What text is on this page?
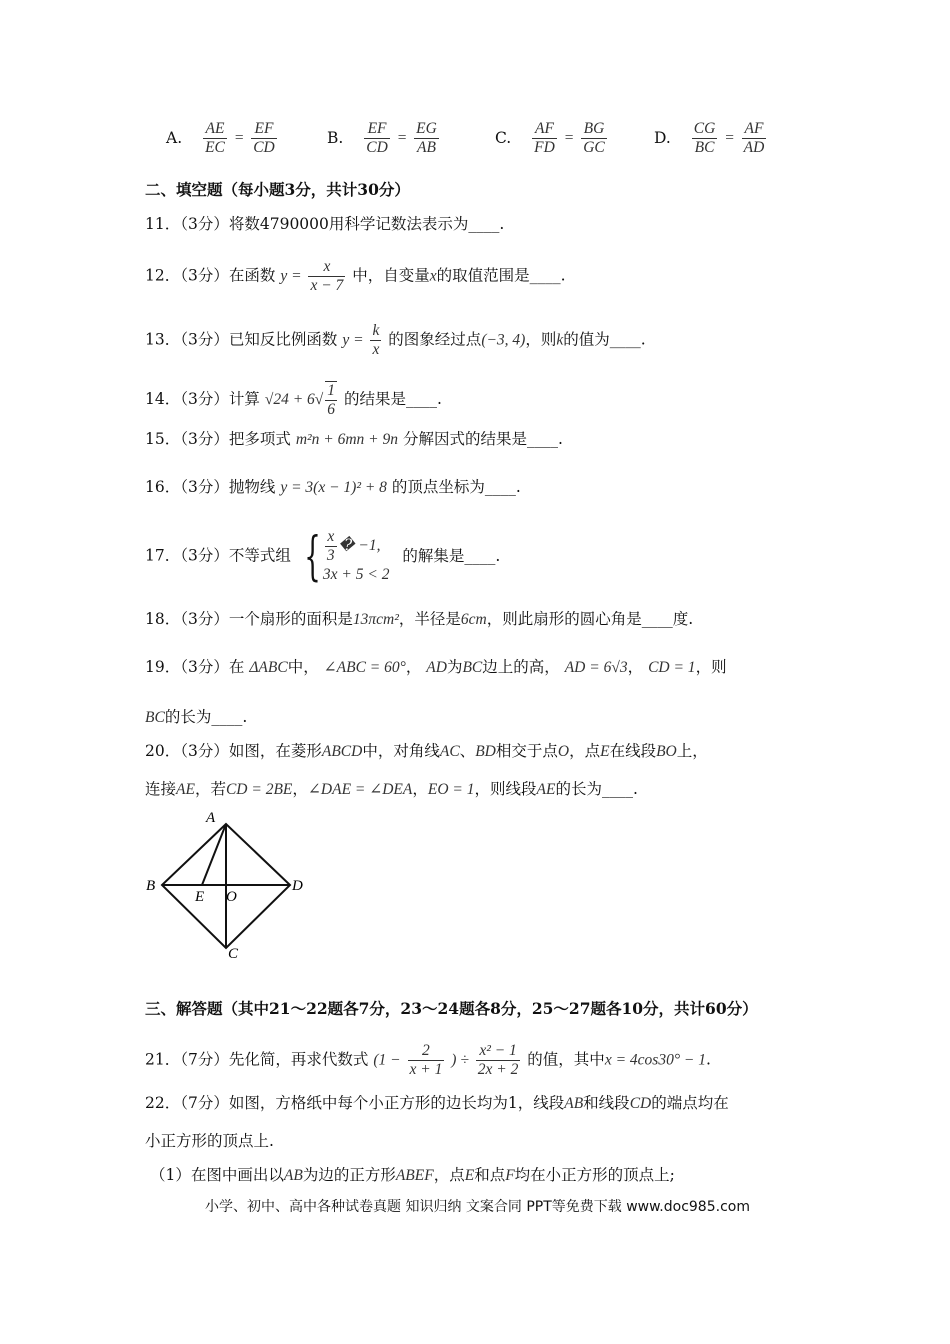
A. $\frac{AE}{EC} = \frac{EF}{CD}$	B. $\frac{EF}{CD} = \frac{EG}{AB}$	C. $\frac{AF}{FD} = \frac{BG}{GC}$	D. $\frac{CG}{BC} = \frac{AF}{AD}$
二、填空题（每小题3分，共计30分）
11．（3分）将数4790000用科学记数法表示为____.
12．（3分）在函数 $y = \frac{x}{x - 7}$ 中，自变量x的取值范围是____.
13．（3分）已知反比例函数 $y = \frac{k}{x}$ 的图象经过点(−3, 4)，则k的值为____.
14．（3分）计算 $√24 + 6√ \frac{1}{6}$ 的结果是____.
15．（3分）把多项式 m²n + 6mn + 9n 分解因式的结果是____.
16．（3分）抛物线 y = 3(x − 1)² + 8 的顶点坐标为____.
17．（3分）不等式组 { $\frac{x}{3}$ � −1,
3x + 5 < 2
的解集是____.
18．（3分）一个扇形的面积是13πcm²，半径是6cm，则此扇形的圆心角是____度.
19．（3分）在 ΔABC中， ∠ABC = 60°， AD为BC边上的高， AD = 6√3， CD = 1，则
BC的长为____.
20．（3分）如图，在菱形ABCD中，对角线AC、BD相交于点O，点E在线段BO上，
连接AE，若CD = 2BE，∠DAE = ∠DEA，EO = 1，则线段AE的长为____.
A
B	D
C
E O
三、解答题（其中21～22题各7分，23～24题各8分，25～27题各10分，共计60分）
21．（7分）先化简，再求代数式 ($1 - \frac{2}{x + 1}$ ) ÷ $\frac{\text{x² − 1}}{2x + 2}$ 的值，其中x = 4cos30° − 1.
22．（7分）如图，方格纸中每个小正方形的边长均为1，线段AB和线段CD的端点均在
小正方形的顶点上.
（1）在图中画出以AB为边的正方形ABEF，点E和点F均在小正方形的顶点上;
小学、初中、高中各种试卷真题 知识归纳 文案合同 PPT等免费下载 www.doc985.com
